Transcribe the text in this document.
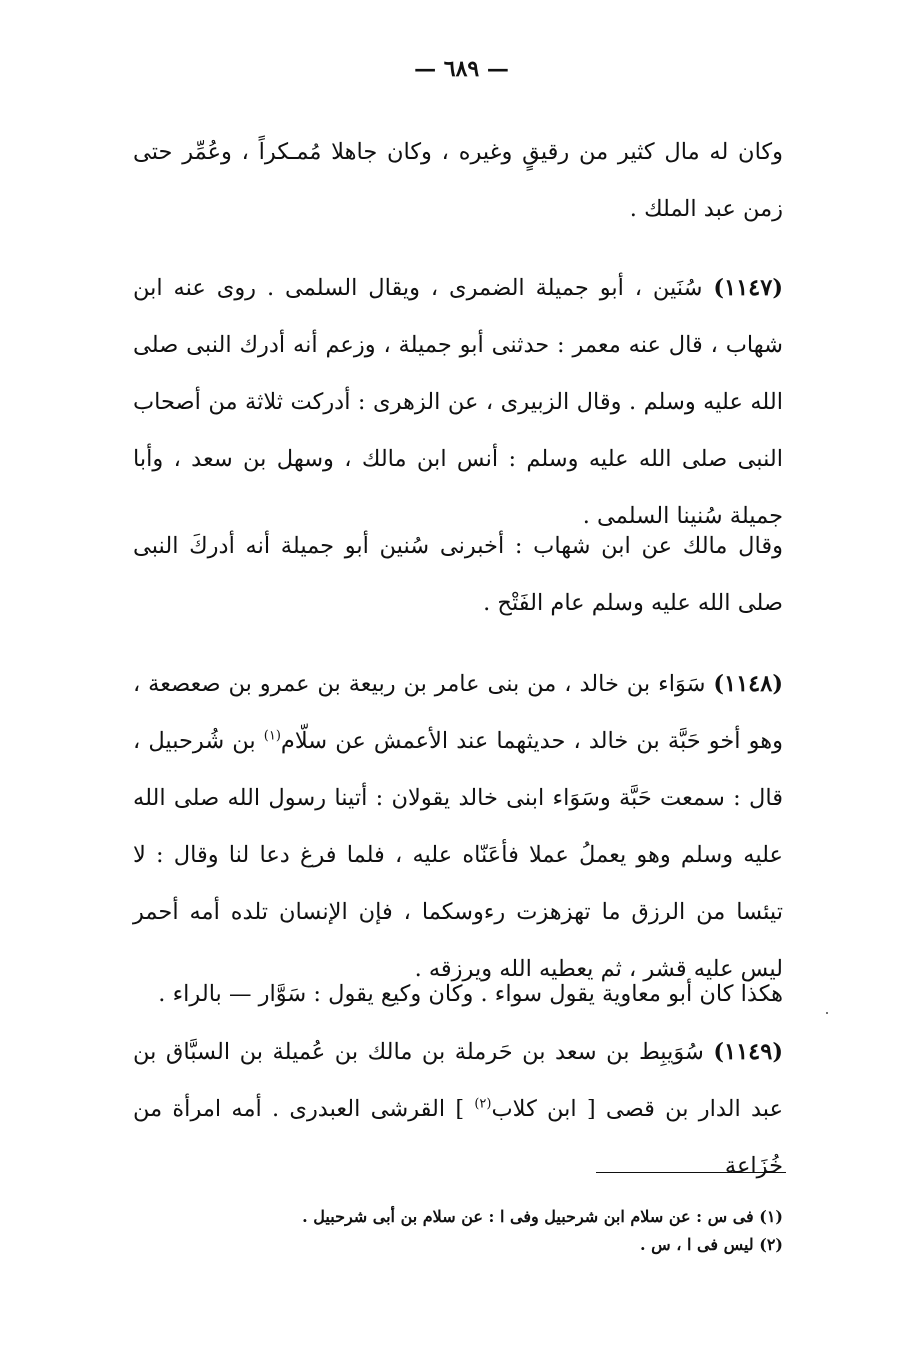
— ٦٨٩ —

وكان له مال كثير من رقيقٍ وغيره ، وكان جاهلا مُمـكراً ، وعُمِّر حتى زمن عبد الملك .

(١١٤٧) سُنَين ، أبو جميلة الضمرى ، ويقال السلمى . روى عنه ابن شهاب ، قال عنه معمر : حدثنى أبو جميلة ، وزعم أنه أدرك النبى صلى الله عليه وسلم . وقال الزبيرى ، عن الزهرى : أدركت ثلاثة من أصحاب النبى صلى الله عليه وسلم : أنس ابن مالك ، وسهل بن سعد ، وأبا جميلة سُنينا السلمى .

وقال مالك عن ابن شهاب : أخبرنى سُنين أبو جميلة أنه أدركَ النبى صلى الله عليه وسلم عام الفَتْح .

(١١٤٨) سَوَاء بن خالد ، من بنى عامر بن ربيعة بن عمرو بن صعصعة ، وهو أخو حَبَّة بن خالد ، حديثهما عند الأعمش عن سلّام$^{(١)}$ بن شُرحبيل ، قال : سمعت حَبَّة وسَوَاء ابنى خالد يقولان : أتينا رسول الله صلى الله عليه وسلم وهو يعملُ عملا فأعَنّاه عليه ، فلما فرغ دعا لنا وقال : لا تيئسا من الرزق ما تهزهزت رءوسكما ، فإن الإنسان تلده أمه أحمر ليس عليه قشر ، ثم يعطيه الله ويرزقه .

هكذا كان أبو معاوية يقول سواء . وكان وكيع يقول : سَوَّار — بالراء .

(١١٤٩) سُوَيبِط بن سعد بن حَرملة بن مالك بن عُميلة بن السبَّاق بن عبد الدار بن قصى [ ابن كلاب$^{(٢)}$ ] القرشى العبدرى . أمه امرأة من خُزَاعة

(١) فى س : عن سلام ابن شرحبيل وفى ا : عن سلام بن أبى شرحبيل .
(٢) ليس فى ا ، س .
